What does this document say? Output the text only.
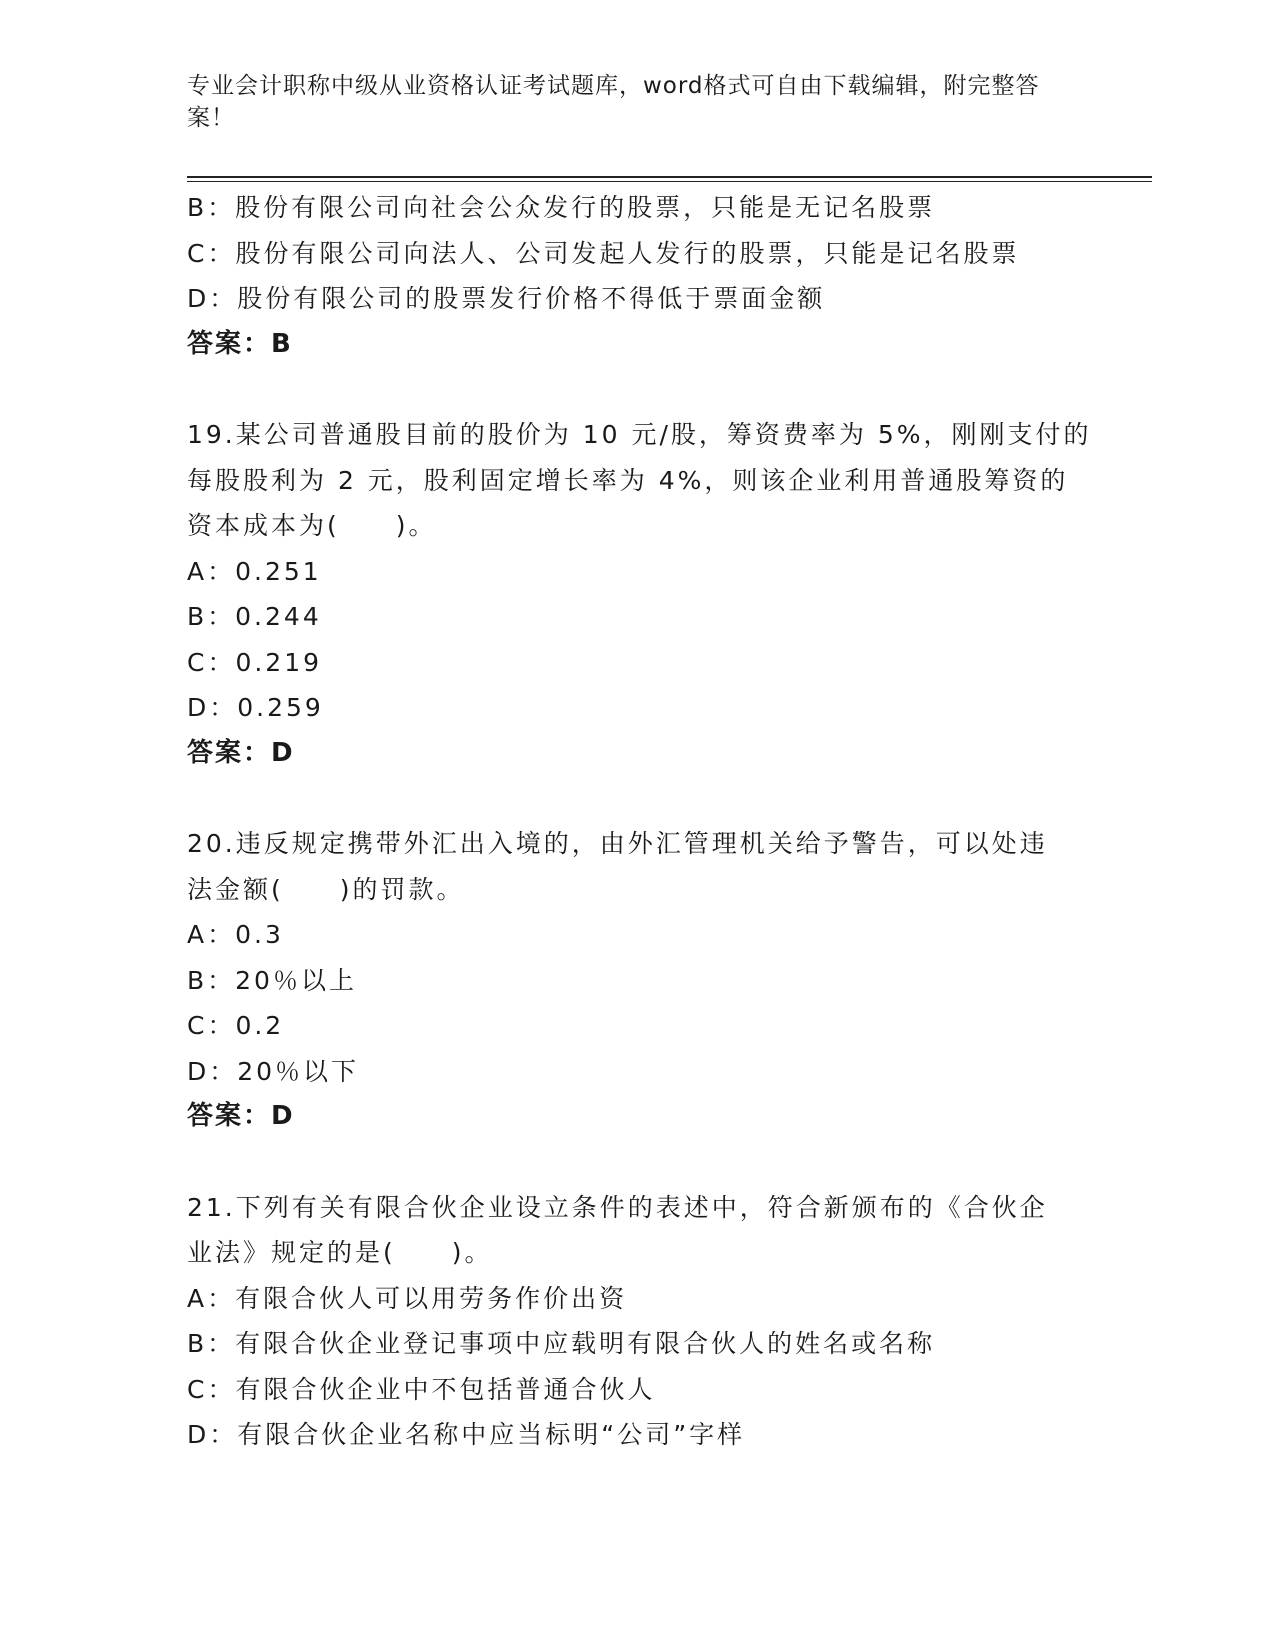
专业会计职称中级从业资格认证考试题库，word格式可自由下载编辑，附完整答案！
B：股份有限公司向社会公众发行的股票，只能是无记名股票
C：股份有限公司向法人、公司发起人发行的股票，只能是记名股票
D：股份有限公司的股票发行价格不得低于票面金额
答案：B
19.某公司普通股目前的股价为 10 元/股，筹资费率为 5%，刚刚支付的
每股股利为 2 元，股利固定增长率为 4%，则该企业利用普通股筹资的
资本成本为(　　)。
A：0.251
B：0.244
C：0.219
D：0.259
答案：D
20.违反规定携带外汇出入境的，由外汇管理机关给予警告，可以处违
法金额(　　)的罚款。
A：0.3
B：20％以上
C：0.2
D：20％以下
答案：D
21.下列有关有限合伙企业设立条件的表述中，符合新颁布的《合伙企
业法》规定的是(　　)。
A：有限合伙人可以用劳务作价出资
B：有限合伙企业登记事项中应载明有限合伙人的姓名或名称
C：有限合伙企业中不包括普通合伙人
D：有限合伙企业名称中应当标明“公司”字样
